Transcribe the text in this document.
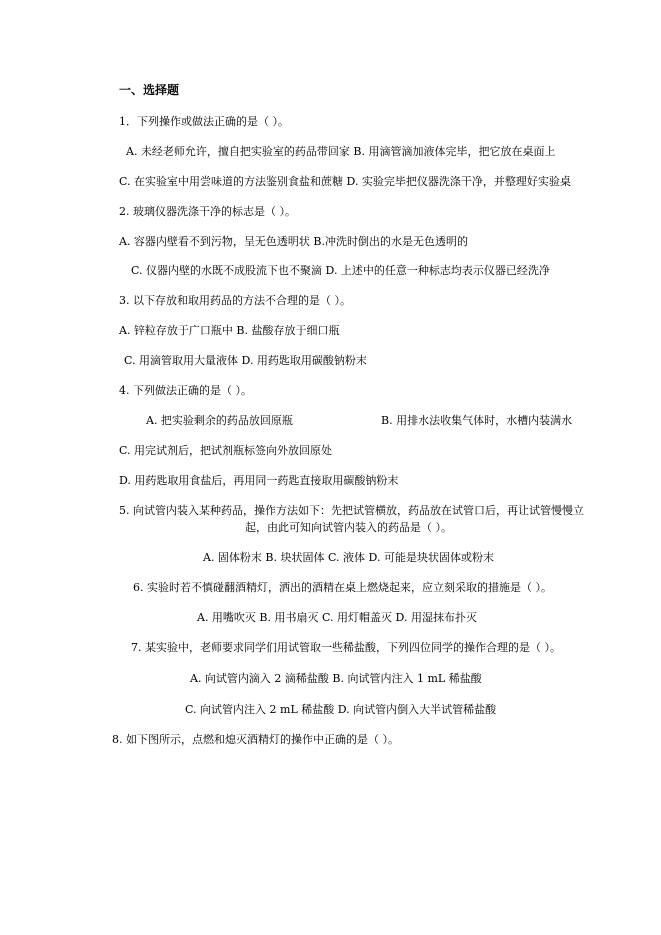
一、选择题
1．下列操作或做法正确的是（ ）。
A. 未经老师允许，擅自把实验室的药品带回家 B. 用滴管滴加液体完毕，把它放在桌面上
C. 在实验室中用尝味道的方法鉴别食盐和蔗糖 D. 实验完毕把仪器洗涤干净，并整理好实验桌
2. 玻璃仪器洗涤干净的标志是（ ）。
A. 容器内壁看不到污物，呈无色透明状 B.冲洗时倒出的水是无色透明的
C. 仪器内壁的水既不成股流下也不聚滴 D. 上述中的任意一种标志均表示仪器已经洗净
3. 以下存放和取用药品的方法不合理的是（ ）。
A. 锌粒存放于广口瓶中 B. 盐酸存放于细口瓶
C. 用滴管取用大量液体 D. 用药匙取用碳酸钠粉末
4. 下列做法正确的是（ ）。
A. 把实验剩余的药品放回原瓶	B. 用排水法收集气体时，水槽内装满水
C. 用完试剂后，把试剂瓶标签向外放回原处
D. 用药匙取用食盐后，再用同一药匙直接取用碳酸钠粉末
5. 向试管内装入某种药品，操作方法如下：先把试管横放，药品放在试管口后，再让试管慢慢立
起，由此可知向试管内装入的药品是（ ）。
A. 固体粉末 B. 块状固体 C. 液体 D. 可能是块状固体或粉末
6. 实验时若不慎碰翻酒精灯，洒出的酒精在桌上燃烧起来，应立刻采取的措施是（ ）。
A. 用嘴吹灭 B. 用书扇灭 C. 用灯帽盖灭 D. 用湿抹布扑灭
7. 某实验中，老师要求同学们用试管取一些稀盐酸，下列四位同学的操作合理的是（ ）。
A. 向试管内滴入 2 滴稀盐酸 B. 向试管内注入 1 mL 稀盐酸
C. 向试管内注入 2 mL 稀盐酸 D. 向试管内倒入大半试管稀盐酸
8. 如下图所示，点燃和熄灭酒精灯的操作中正确的是（ ）。
